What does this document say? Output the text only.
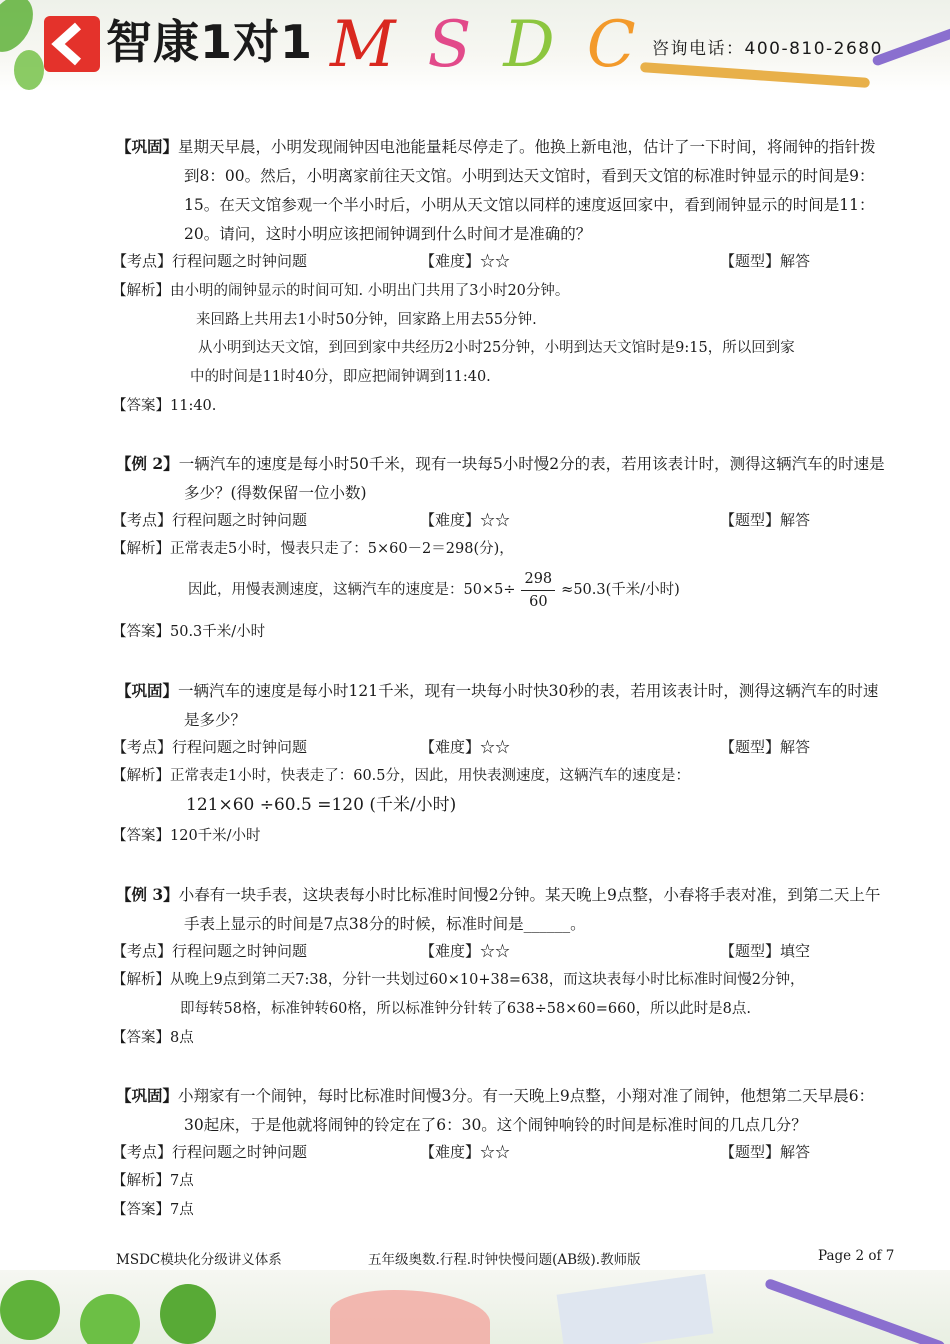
智康1对1 M S D C 咨询电话：400-810-2680
【巩固】星期天早晨，小明发现闹钟因电池能量耗尽停走了。他换上新电池，估计了一下时间，将闹钟的指针拨到8：00。然后，小明离家前往天文馆。小明到达天文馆时，看到天文馆的标准时钟显示的时间是9：15。在天文馆参观一个半小时后，小明从天文馆以同样的速度返回家中，看到闹钟显示的时间是11：20。请问，这时小明应该把闹钟调到什么时间才是准确的？
【考点】行程问题之时钟问题	【难度】☆☆	【题型】解答
【解析】由小明的闹钟显示的时间可知. 小明出门共用了3小时20分钟。
来回路上共用去1小时50分钟，回家路上用去55分钟.
从小明到达天文馆，到回到家中共经历2小时25分钟，小明到达天文馆时是9:15，所以回到家
中的时间是11时40分，即应把闹钟调到11:40.
【答案】11:40.
【例 2】一辆汽车的速度是每小时50千米，现有一块每5小时慢2分的表，若用该表计时，测得这辆汽车的时速是多少？(得数保留一位小数)
【考点】行程问题之时钟问题	【难度】☆☆	【题型】解答
【解析】正常表走5小时，慢表只走了：5×60－2＝298(分)，
因此，用慢表测速度，这辆汽车的速度是：$50\times 5\div \frac{298}{60} \approx 50.3$(千米/小时)
【答案】50.3千米/小时
【巩固】一辆汽车的速度是每小时121千米，现有一块每小时快30秒的表，若用该表计时，测得这辆汽车的时速是多少？
【考点】行程问题之时钟问题	【难度】☆☆	【题型】解答
【解析】正常表走1小时，快表走了：60.5分，因此，用快表测速度，这辆汽车的速度是：
121×60 ÷60.5 =120 (千米/小时)
【答案】120千米/小时
【例 3】小春有一块手表，这块表每小时比标准时间慢2分钟。某天晚上9点整，小春将手表对准，到第二天上午手表上显示的时间是7点38分的时候，标准时间是______。
【考点】行程问题之时钟问题	【难度】☆☆	【题型】填空
【解析】从晚上9点到第二天7:38，分针一共划过60×10+38=638，而这块表每小时比标准时间慢2分钟，
即每转58格，标准钟转60格，所以标准钟分针转了638÷58×60=660，所以此时是8点.
【答案】8点
【巩固】小翔家有一个闹钟，每时比标准时间慢3分。有一天晚上9点整，小翔对准了闹钟，他想第二天早晨6：30起床，于是他就将闹钟的铃定在了6：30。这个闹钟响铃的时间是标准时间的几点几分？
【考点】行程问题之时钟问题	【难度】☆☆	【题型】解答
【解析】7点
【答案】7点
MSDC模块化分级讲义体系	五年级奥数.行程.时钟快慢问题(AB级).教师版	Page 2 of 7
